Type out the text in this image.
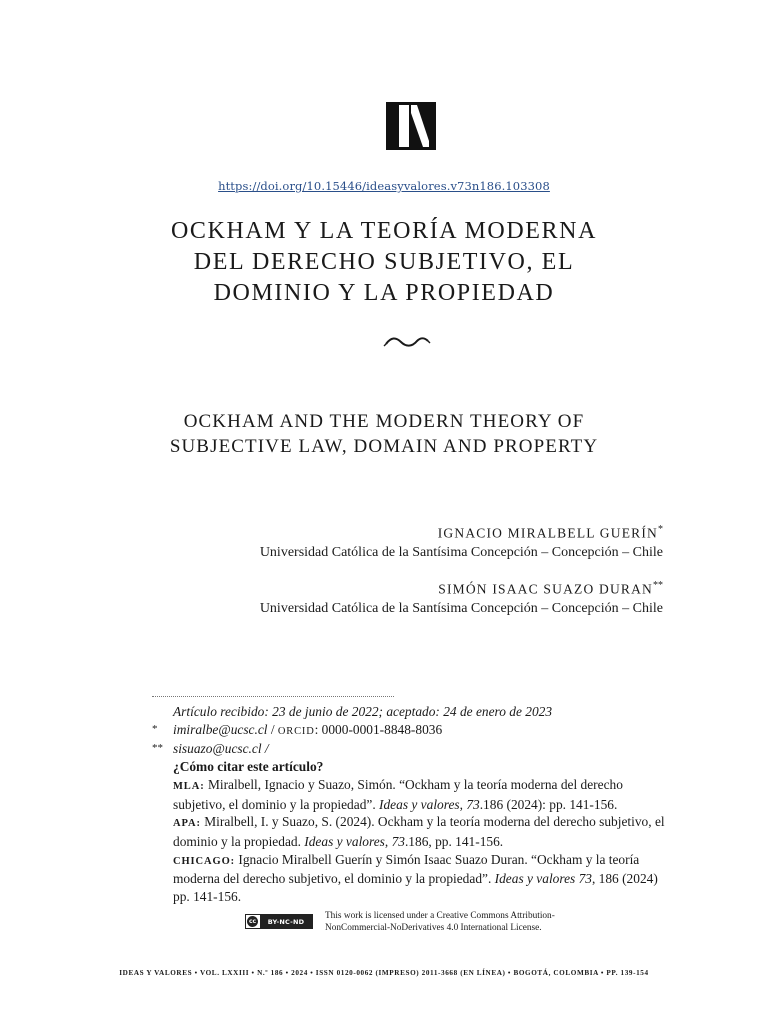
https://doi.org/10.15446/ideasyvalores.v73n186.103308
OCKHAM Y LA TEORÍA MODERNA
DEL DERECHO SUBJETIVO, EL
DOMINIO Y LA PROPIEDAD
OCKHAM AND THE MODERN THEORY OF
SUBJECTIVE LAW, DOMAIN AND PROPERTY
IGNACIO MIRALBELL GUERÍN*
Universidad Católica de la Santísima Concepción – Concepción – Chile
SIMÓN ISAAC SUAZO DURAN**
Universidad Católica de la Santísima Concepción – Concepción – Chile

Artículo recibido: 23 de junio de 2022; aceptado: 24 de enero de 2023

* imiralbe@ucsc.cl / ORCID: 0000-0001-8848-8036

** sisuazo@ucsc.cl /

¿Cómo citar este artículo?

MLA: Miralbell, Ignacio y Suazo, Simón. “Ockham y la teoría moderna del derecho subjetivo, el dominio y la propiedad”. Ideas y valores, 73.186 (2024): pp. 141-156.

APA: Miralbell, I. y Suazo, S. (2024). Ockham y la teoría moderna del derecho subjetivo, el dominio y la propiedad. Ideas y valores, 73.186, pp. 141-156.

CHICAGO: Ignacio Miralbell Guerín y Simón Isaac Suazo Duran. “Ockham y la teoría moderna del derecho subjetivo, el dominio y la propiedad”. Ideas y valores 73, 186 (2024) pp. 141-156.

cc	BY-NC-ND
This work is licensed under a Creative Commons Attribution-NonCommercial-NoDerivatives 4.0 International License.
IDEAS Y VALORES • VOL. LXXIII • N.º 186 • 2024 • ISSN 0120-0062 (IMPRESO) 2011-3668 (EN LÍNEA) • BOGOTÁ, COLOMBIA • PP. 139-154
